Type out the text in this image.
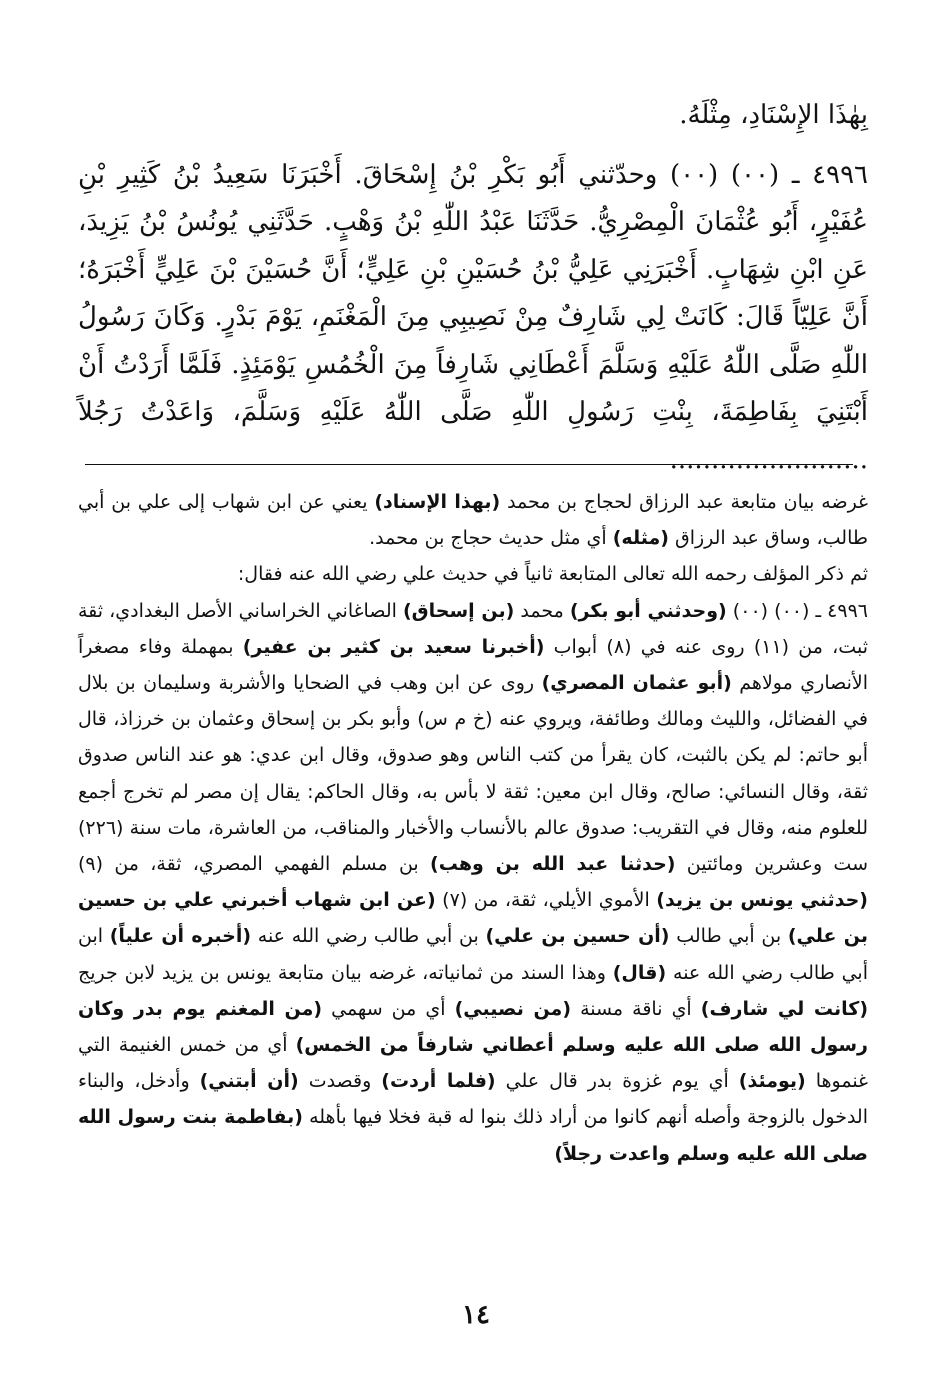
بِهٰذَا الإِسْنَادِ، مِثْلَهُ.

٤٩٩٦ ـ (٠٠) (٠٠) وحدّثني أَبُو بَكْرِ بْنُ إِسْحَاقَ. أَخْبَرَنَا سَعِيدُ بْنُ كَثِيرِ بْنِ عُفَيْرٍ، أَبُو عُثْمَانَ الْمِصْرِيُّ. حَدَّثَنَا عَبْدُ اللّٰهِ بْنُ وَهْبٍ. حَدَّثَنِي يُونُسُ بْنُ يَزِيدَ، عَنِ ابْنِ شِهَابٍ. أَخْبَرَنِي عَلِيُّ بْنُ حُسَيْنِ بْنِ عَلِيٍّ؛ أَنَّ حُسَيْنَ بْنَ عَلِيٍّ أَخْبَرَهُ؛ أَنَّ عَلِيّاً قَالَ: كَانَتْ لِي شَارِفٌ مِنْ نَصِيبِي مِنَ الْمَغْنَمِ، يَوْمَ بَدْرٍ. وَكَانَ رَسُولُ اللّٰهِ صَلَّى اللّٰهُ عَلَيْهِ وَسَلَّمَ أَعْطَانِي شَارِفاً مِنَ الْخُمُسِ يَوْمَئِذٍ. فَلَمَّا أَرَدْتُ أَنْ أَبْتَنِيَ بِفَاطِمَةَ، بِنْتِ رَسُولِ اللّٰهِ صَلَّى اللّٰهُ عَلَيْهِ وَسَلَّمَ، وَاعَدْتُ رَجُلاً ........................

غرضه بيان متابعة عبد الرزاق لحجاج بن محمد (بهذا الإسناد) يعني عن ابن شهاب إلى علي بن أبي طالب، وساق عبد الرزاق (مثله) أي مثل حديث حجاج بن محمد.

ثم ذكر المؤلف رحمه الله تعالى المتابعة ثانياً في حديث علي رضي الله عنه فقال:

٤٩٩٦ ـ (٠٠) (٠٠) (وحدثني أبو بكر) محمد (بن إسحاق) الصاغاني الخراساني الأصل البغدادي، ثقة ثبت، من (١١) روى عنه في (٨) أبواب (أخبرنا سعيد بن كثير بن عفير) بمهملة وفاء مصغراً الأنصاري مولاهم (أبو عثمان المصري) روى عن ابن وهب في الضحايا والأشربة وسليمان بن بلال في الفضائل، والليث ومالك وطائفة، ويروي عنه (خ م س) وأبو بكر بن إسحاق وعثمان بن خرزاذ، قال أبو حاتم: لم يكن بالثبت، كان يقرأ من كتب الناس وهو صدوق، وقال ابن عدي: هو عند الناس صدوق ثقة، وقال النسائي: صالح، وقال ابن معين: ثقة لا بأس به، وقال الحاكم: يقال إن مصر لم تخرج أجمع للعلوم منه، وقال في التقريب: صدوق عالم بالأنساب والأخبار والمناقب، من العاشرة، مات سنة (٢٢٦) ست وعشرين ومائتين (حدثنا عبد الله بن وهب) بن مسلم الفهمي المصري، ثقة، من (٩) (حدثني يونس بن يزيد) الأموي الأيلي، ثقة، من (٧) (عن ابن شهاب أخبرني علي بن حسين بن علي) بن أبي طالب (أن حسين بن علي) بن أبي طالب رضي الله عنه (أخبره أن علياً) ابن أبي طالب رضي الله عنه (قال) وهذا السند من ثمانياته، غرضه بيان متابعة يونس بن يزيد لابن جريج (كانت لي شارف) أي ناقة مسنة (من نصيبي) أي من سهمي (من المغنم يوم بدر وكان رسول الله صلى الله عليه وسلم أعطاني شارفاً من الخمس) أي من خمس الغنيمة التي غنموها (يومئذ) أي يوم غزوة بدر قال علي (فلما أردت) وقصدت (أن أبتني) وأدخل، والبناء الدخول بالزوجة وأصله أنهم كانوا من أراد ذلك بنوا له قبة فخلا فيها بأهله (بفاطمة بنت رسول الله صلى الله عليه وسلم واعدت رجلاً)

١٤
